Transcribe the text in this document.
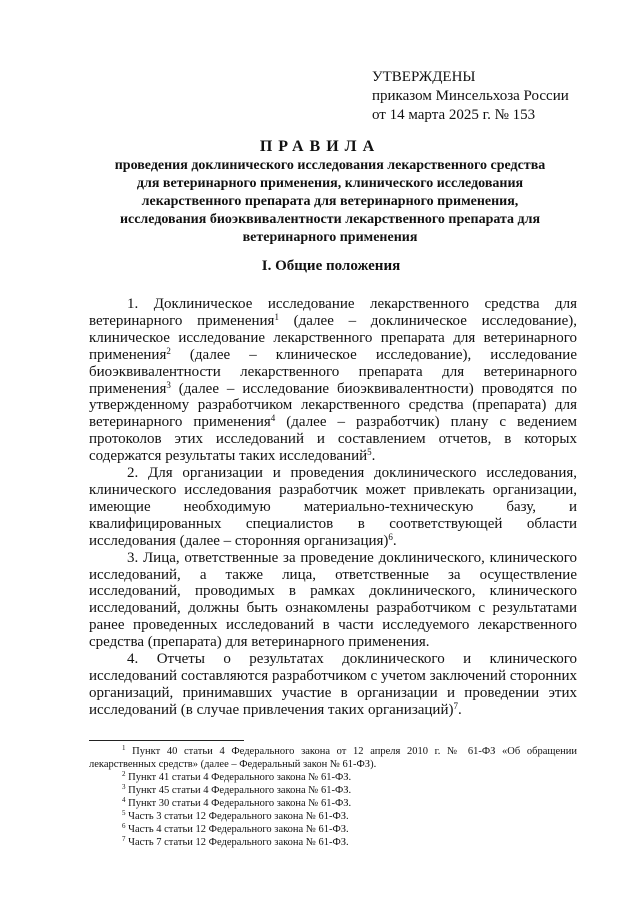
УТВЕРЖДЕНЫ
приказом Минсельхоза России
от 14 марта 2025 г. № 153
ПРАВИЛА
проведения доклинического исследования лекарственного средства
для ветеринарного применения, клинического исследования
лекарственного препарата для ветеринарного применения,
исследования биоэквивалентности лекарственного препарата для
ветеринарного применения
I. Общие положения

1. Доклиническое исследование лекарственного средства для ветеринарного применения$^1$ (далее – доклиническое исследование), клиническое исследование лекарственного препарата для ветеринарного применения$^2$ (далее – клиническое исследование), исследование биоэквивалентности лекарственного препарата для ветеринарного применения$^3$ (далее – исследование биоэквивалентности) проводятся по утвержденному разработчиком лекарственного средства (препарата) для ветеринарного применения$^4$ (далее – разработчик) плану с ведением протоколов этих исследований и составлением отчетов, в которых содержатся результаты таких исследований$^5$.

2. Для организации и проведения доклинического исследования, клинического исследования разработчик может привлекать организации, имеющие необходимую материально-техническую базу, и квалифицированных специалистов в соответствующей области исследования (далее – сторонняя организация)$^6$.

3. Лица, ответственные за проведение доклинического, клинического исследований, а также лица, ответственные за осуществление исследований, проводимых в рамках доклинического, клинического исследований, должны быть ознакомлены разработчиком с результатами ранее проведенных исследований в части исследуемого лекарственного средства (препарата) для ветеринарного применения.

4. Отчеты о результатах доклинического и клинического исследований составляются разработчиком с учетом заключений сторонних организаций, принимавших участие в организации и проведении этих исследований (в случае привлечения таких организаций)$^7$.

$^1$ Пункт 40 статьи 4 Федерального закона от 12 апреля 2010 г. № 61-ФЗ «Об обращении лекарственных средств» (далее – Федеральный закон № 61-ФЗ).

$^2$ Пункт 41 статьи 4 Федерального закона № 61-ФЗ.

$^3$ Пункт 45 статьи 4 Федерального закона № 61-ФЗ.

$^4$ Пункт 30 статьи 4 Федерального закона № 61-ФЗ.

$^5$ Часть 3 статьи 12 Федерального закона № 61-ФЗ.

$^6$ Часть 4 статьи 12 Федерального закона № 61-ФЗ.

$^7$ Часть 7 статьи 12 Федерального закона № 61-ФЗ.
